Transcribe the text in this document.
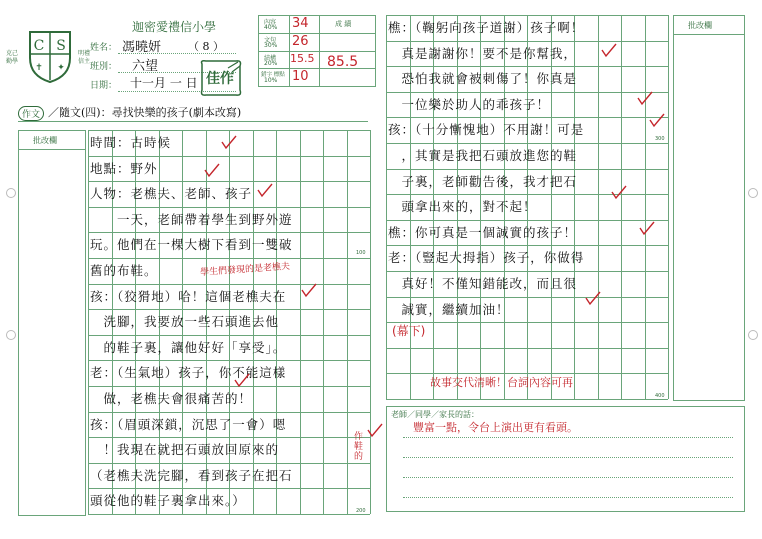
C S
✝ ✦
克己 勤學
明禮 信主
迦密愛禮信小學
姓名： 馮曉妍 （ 8 ）
班別： 六望
日期： 十一月 一 日 佳作
內容
40%
文句
30%
結構
20%
錯字 標點
10%
34
26
15.5
10
成 績
85.5
作文 ／隨文(四)：尋找快樂的孩子(劇本改寫)
批改欄	時間：古時候
地點：野外
人物：老樵夫、老師、孩子
　　一天，老師帶着學生到野外遊
玩。他們在一棵大樹下看到一雙破
舊的布鞋。
孩：（狡猾地）哈！這個老樵夫在
　洗腳，我要放一些石頭進去他
　的鞋子裏，讓他好好「享受」。
老：（生氣地）孩子，你不能這樣
　做，老樵夫會很痛苦的！
孩：（眉頭深鎖，沉思了一會）嗯
　！我現在就把石頭放回原來的
（老樵夫洗完腳，看到孩子在把石
頭從他的鞋子裏拿出來。）
樵：（鞠躬向孩子道謝）孩子啊！
　真是謝謝你！要不是你幫我，
　恐怕我就會被刺傷了！你真是
　一位樂於助人的乖孩子！
孩：（十分慚愧地）不用謝！可是
　，其實是我把石頭放進您的鞋
　子裏，老師勸告後，我才把石
　頭拿出來的，對不起！
樵：你可真是一個誠實的孩子！
老：（豎起大拇指）孩子，你做得
　真好！不僅知錯能改，而且很
　誠實，繼續加油！
批改欄
老師／同學／家長的話：
豐富一點，令台上演出更有看頭。
學生們發現的是老樵夫
作鞋的
(幕下)
故事交代清晰！台詞內容可再
100
200
300
400
